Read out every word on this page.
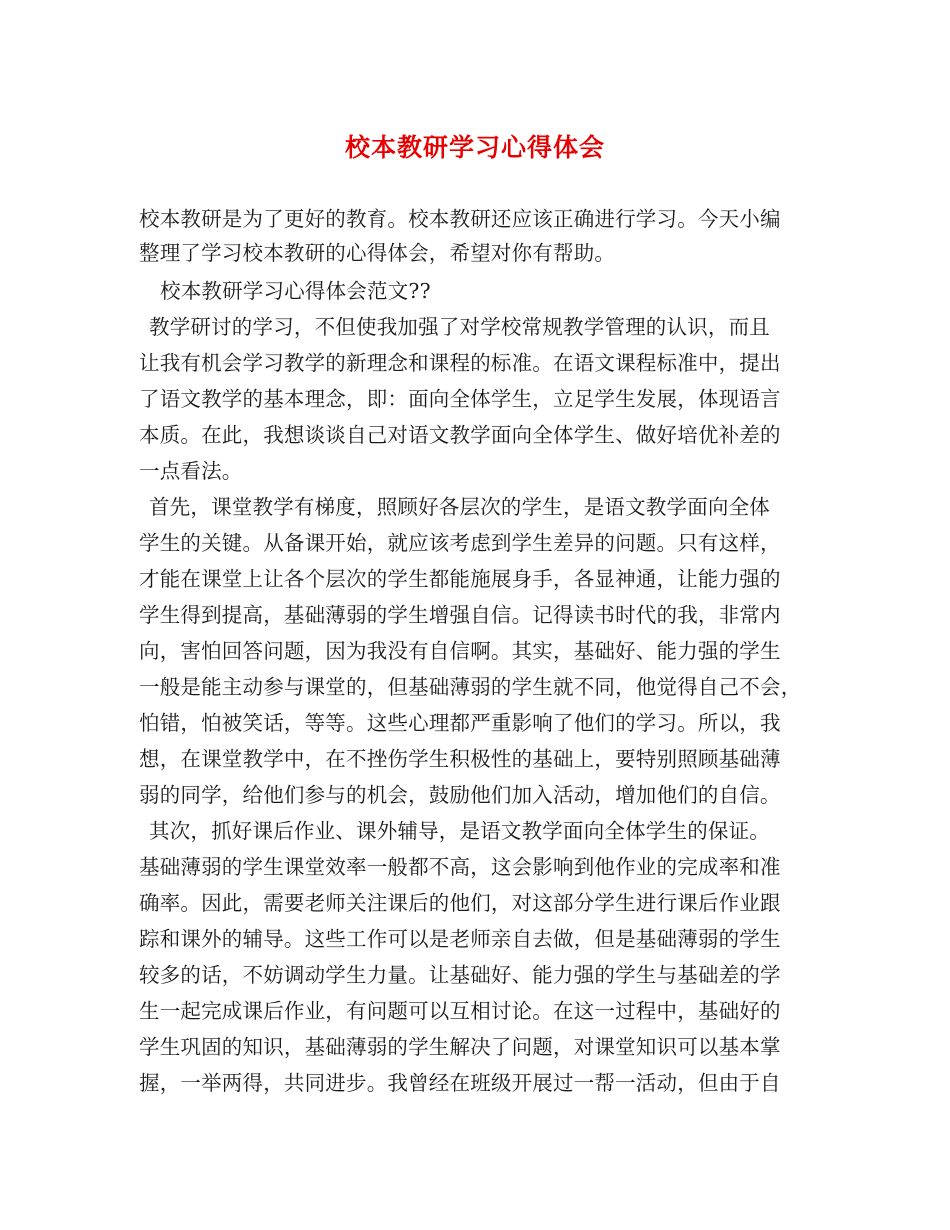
校本教研学习心得体会
校本教研是为了更好的教育。校本教研还应该正确进行学习。今天小编
整理了学习校本教研的心得体会，希望对你有帮助。
校本教研学习心得体会范文??
教学研讨的学习，不但使我加强了对学校常规教学管理的认识，而且
让我有机会学习教学的新理念和课程的标准。在语文课程标准中，提出
了语文教学的基本理念，即：面向全体学生，立足学生发展，体现语言
本质。在此，我想谈谈自己对语文教学面向全体学生、做好培优补差的
一点看法。
首先，课堂教学有梯度，照顾好各层次的学生，是语文教学面向全体
学生的关键。从备课开始，就应该考虑到学生差异的问题。只有这样，
才能在课堂上让各个层次的学生都能施展身手，各显神通，让能力强的
学生得到提高，基础薄弱的学生增强自信。记得读书时代的我，非常内
向，害怕回答问题，因为我没有自信啊。其实，基础好、能力强的学生
一般是能主动参与课堂的，但基础薄弱的学生就不同，他觉得自己不会，
怕错，怕被笑话，等等。这些心理都严重影响了他们的学习。所以，我
想，在课堂教学中，在不挫伤学生积极性的基础上，要特别照顾基础薄
弱的同学，给他们参与的机会，鼓励他们加入活动，增加他们的自信。
其次，抓好课后作业、课外辅导，是语文教学面向全体学生的保证。
基础薄弱的学生课堂效率一般都不高，这会影响到他作业的完成率和准
确率。因此，需要老师关注课后的他们，对这部分学生进行课后作业跟
踪和课外的辅导。这些工作可以是老师亲自去做，但是基础薄弱的学生
较多的话，不妨调动学生力量。让基础好、能力强的学生与基础差的学
生一起完成课后作业，有问题可以互相讨论。在这一过程中，基础好的
学生巩固的知识，基础薄弱的学生解决了问题，对课堂知识可以基本掌
握，一举两得，共同进步。我曾经在班级开展过一帮一活动，但由于自
